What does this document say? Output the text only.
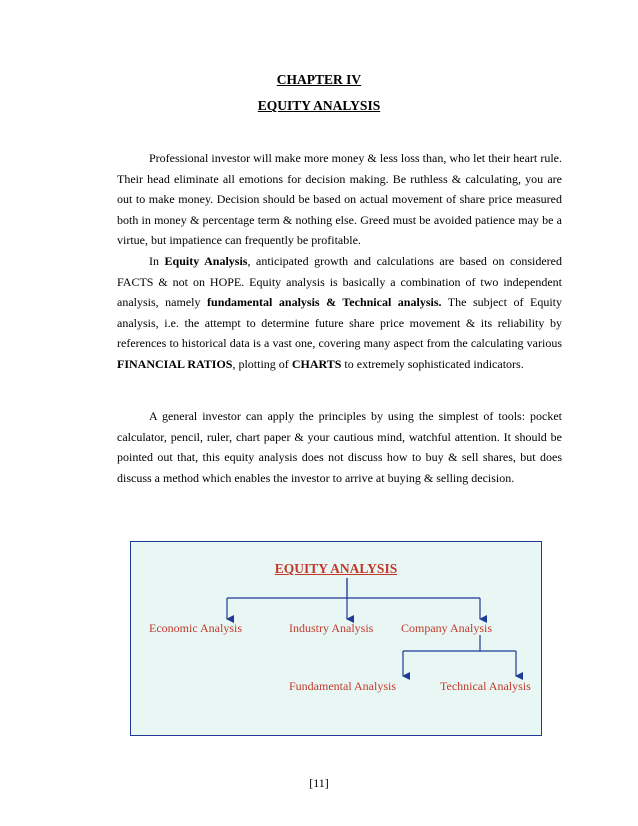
CHAPTER IV
EQUITY ANALYSIS

Professional investor will make more money & less loss than, who let their heart rule. Their head eliminate all emotions for decision making. Be ruthless & calculating, you are out to make money. Decision should be based on actual movement of share price measured both in money & percentage term & nothing else. Greed must be avoided patience may be a virtue, but impatience can frequently be profitable.

In Equity Analysis, anticipated growth and calculations are based on considered FACTS & not on HOPE. Equity analysis is basically a combination of two independent analysis, namely fundamental analysis & Technical analysis. The subject of Equity analysis, i.e. the attempt to determine future share price movement & its reliability by references to historical data is a vast one, covering many aspect from the calculating various FINANCIAL RATIOS, plotting of CHARTS to extremely sophisticated indicators.

A general investor can apply the principles by using the simplest of tools: pocket calculator, pencil, ruler, chart paper & your cautious mind, watchful attention. It should be pointed out that, this equity analysis does not discuss how to buy & sell shares, but does discuss a method which enables the investor to arrive at buying & selling decision.

EQUITY ANALYSIS
Economic Analysis	Industry Analysis Company Analysis
Fundamental Analysis	Technical Analysis
[11]
